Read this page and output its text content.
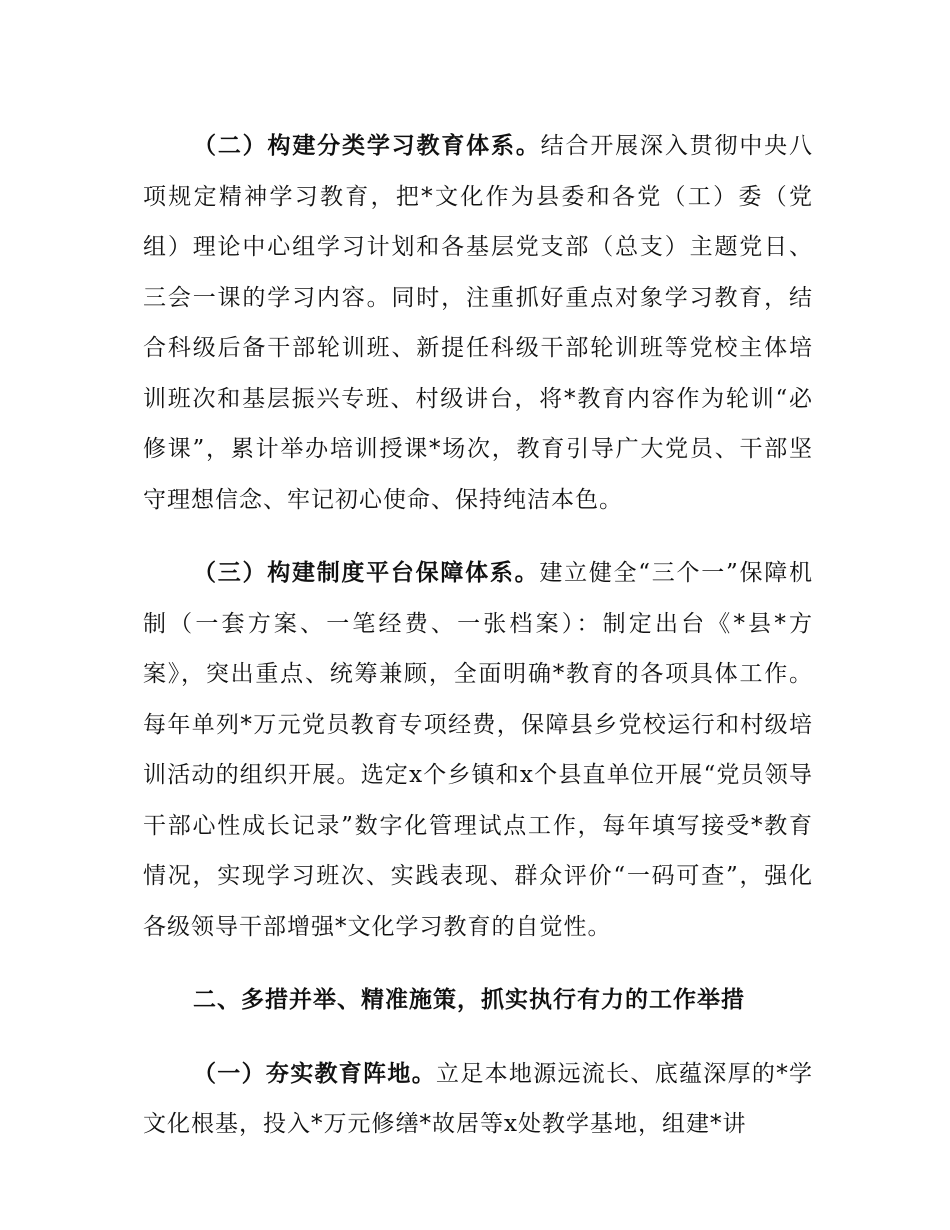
（二）构建分类学习教育体系。结合开展深入贯彻中央八项规定精神学习教育，把*文化作为县委和各党（工）委（党组）理论中心组学习计划和各基层党支部（总支）主题党日、三会一课的学习内容。同时，注重抓好重点对象学习教育，结合科级后备干部轮训班、新提任科级干部轮训班等党校主体培训班次和基层振兴专班、村级讲台，将*教育内容作为轮训“必修课”，累计举办培训授课*场次，教育引导广大党员、干部坚守理想信念、牢记初心使命、保持纯洁本色。

（三）构建制度平台保障体系。建立健全“三个一”保障机制（一套方案、一笔经费、一张档案）：制定出台《*县*方案》，突出重点、统筹兼顾，全面明确*教育的各项具体工作。每年单列*万元党员教育专项经费，保障县乡党校运行和村级培训活动的组织开展。选定x个乡镇和x个县直单位开展“党员领导干部心性成长记录”数字化管理试点工作，每年填写接受*教育情况，实现学习班次、实践表现、群众评价“一码可查”，强化各级领导干部增强*文化学习教育的自觉性。

二、多措并举、精准施策，抓实执行有力的工作举措

（一）夯实教育阵地。立足本地源远流长、底蕴深厚的*学文化根基，投入*万元修缮*故居等x处教学基地，组建*讲
